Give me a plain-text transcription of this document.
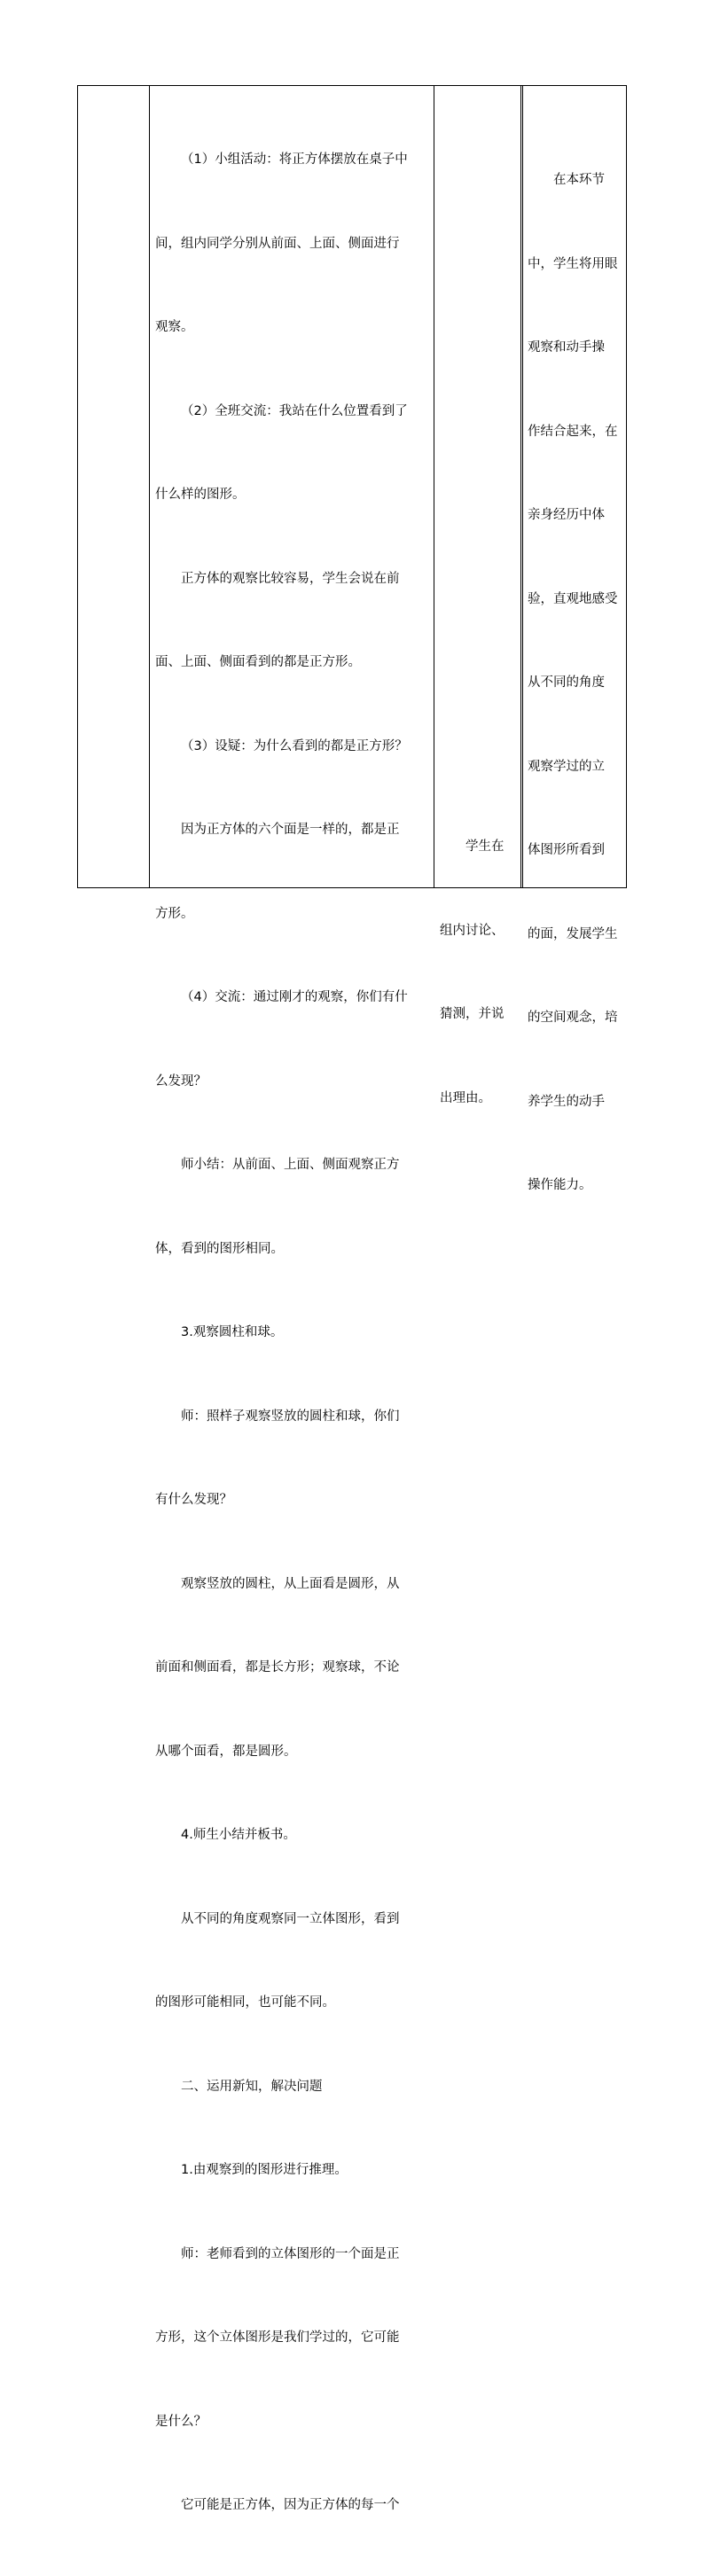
（1）小组活动：将正方体摆放在桌子中

间，组内同学分别从前面、上面、侧面进行

观察。

（2）全班交流：我站在什么位置看到了

什么样的图形。

正方体的观察比较容易，学生会说在前

面、上面、侧面看到的都是正方形。

（3）设疑：为什么看到的都是正方形？

因为正方体的六个面是一样的，都是正

方形。

（4）交流：通过刚才的观察，你们有什

么发现？

师小结：从前面、上面、侧面观察正方

体，看到的图形相同。

3.观察圆柱和球。

师：照样子观察竖放的圆柱和球，你们

有什么发现？

观察竖放的圆柱，从上面看是圆形，从

前面和侧面看，都是长方形；观察球，不论

从哪个面看，都是圆形。

4.师生小结并板书。

从不同的角度观察同一立体图形，看到

的图形可能相同，也可能不同。

二、运用新知，解决问题

1.由观察到的图形进行推理。

师：老师看到的立体图形的一个面是正

方形，这个立体图形是我们学过的，它可能

是什么？

它可能是正方体，因为正方体的每一个

学生在

组内讨论、

猜测，并说

出理由。

在本环节

中，学生将用眼

观察和动手操

作结合起来，在

亲身经历中体

验，直观地感受

从不同的角度

观察学过的立

体图形所看到

的面，发展学生

的空间观念，培

养学生的动手

操作能力。
